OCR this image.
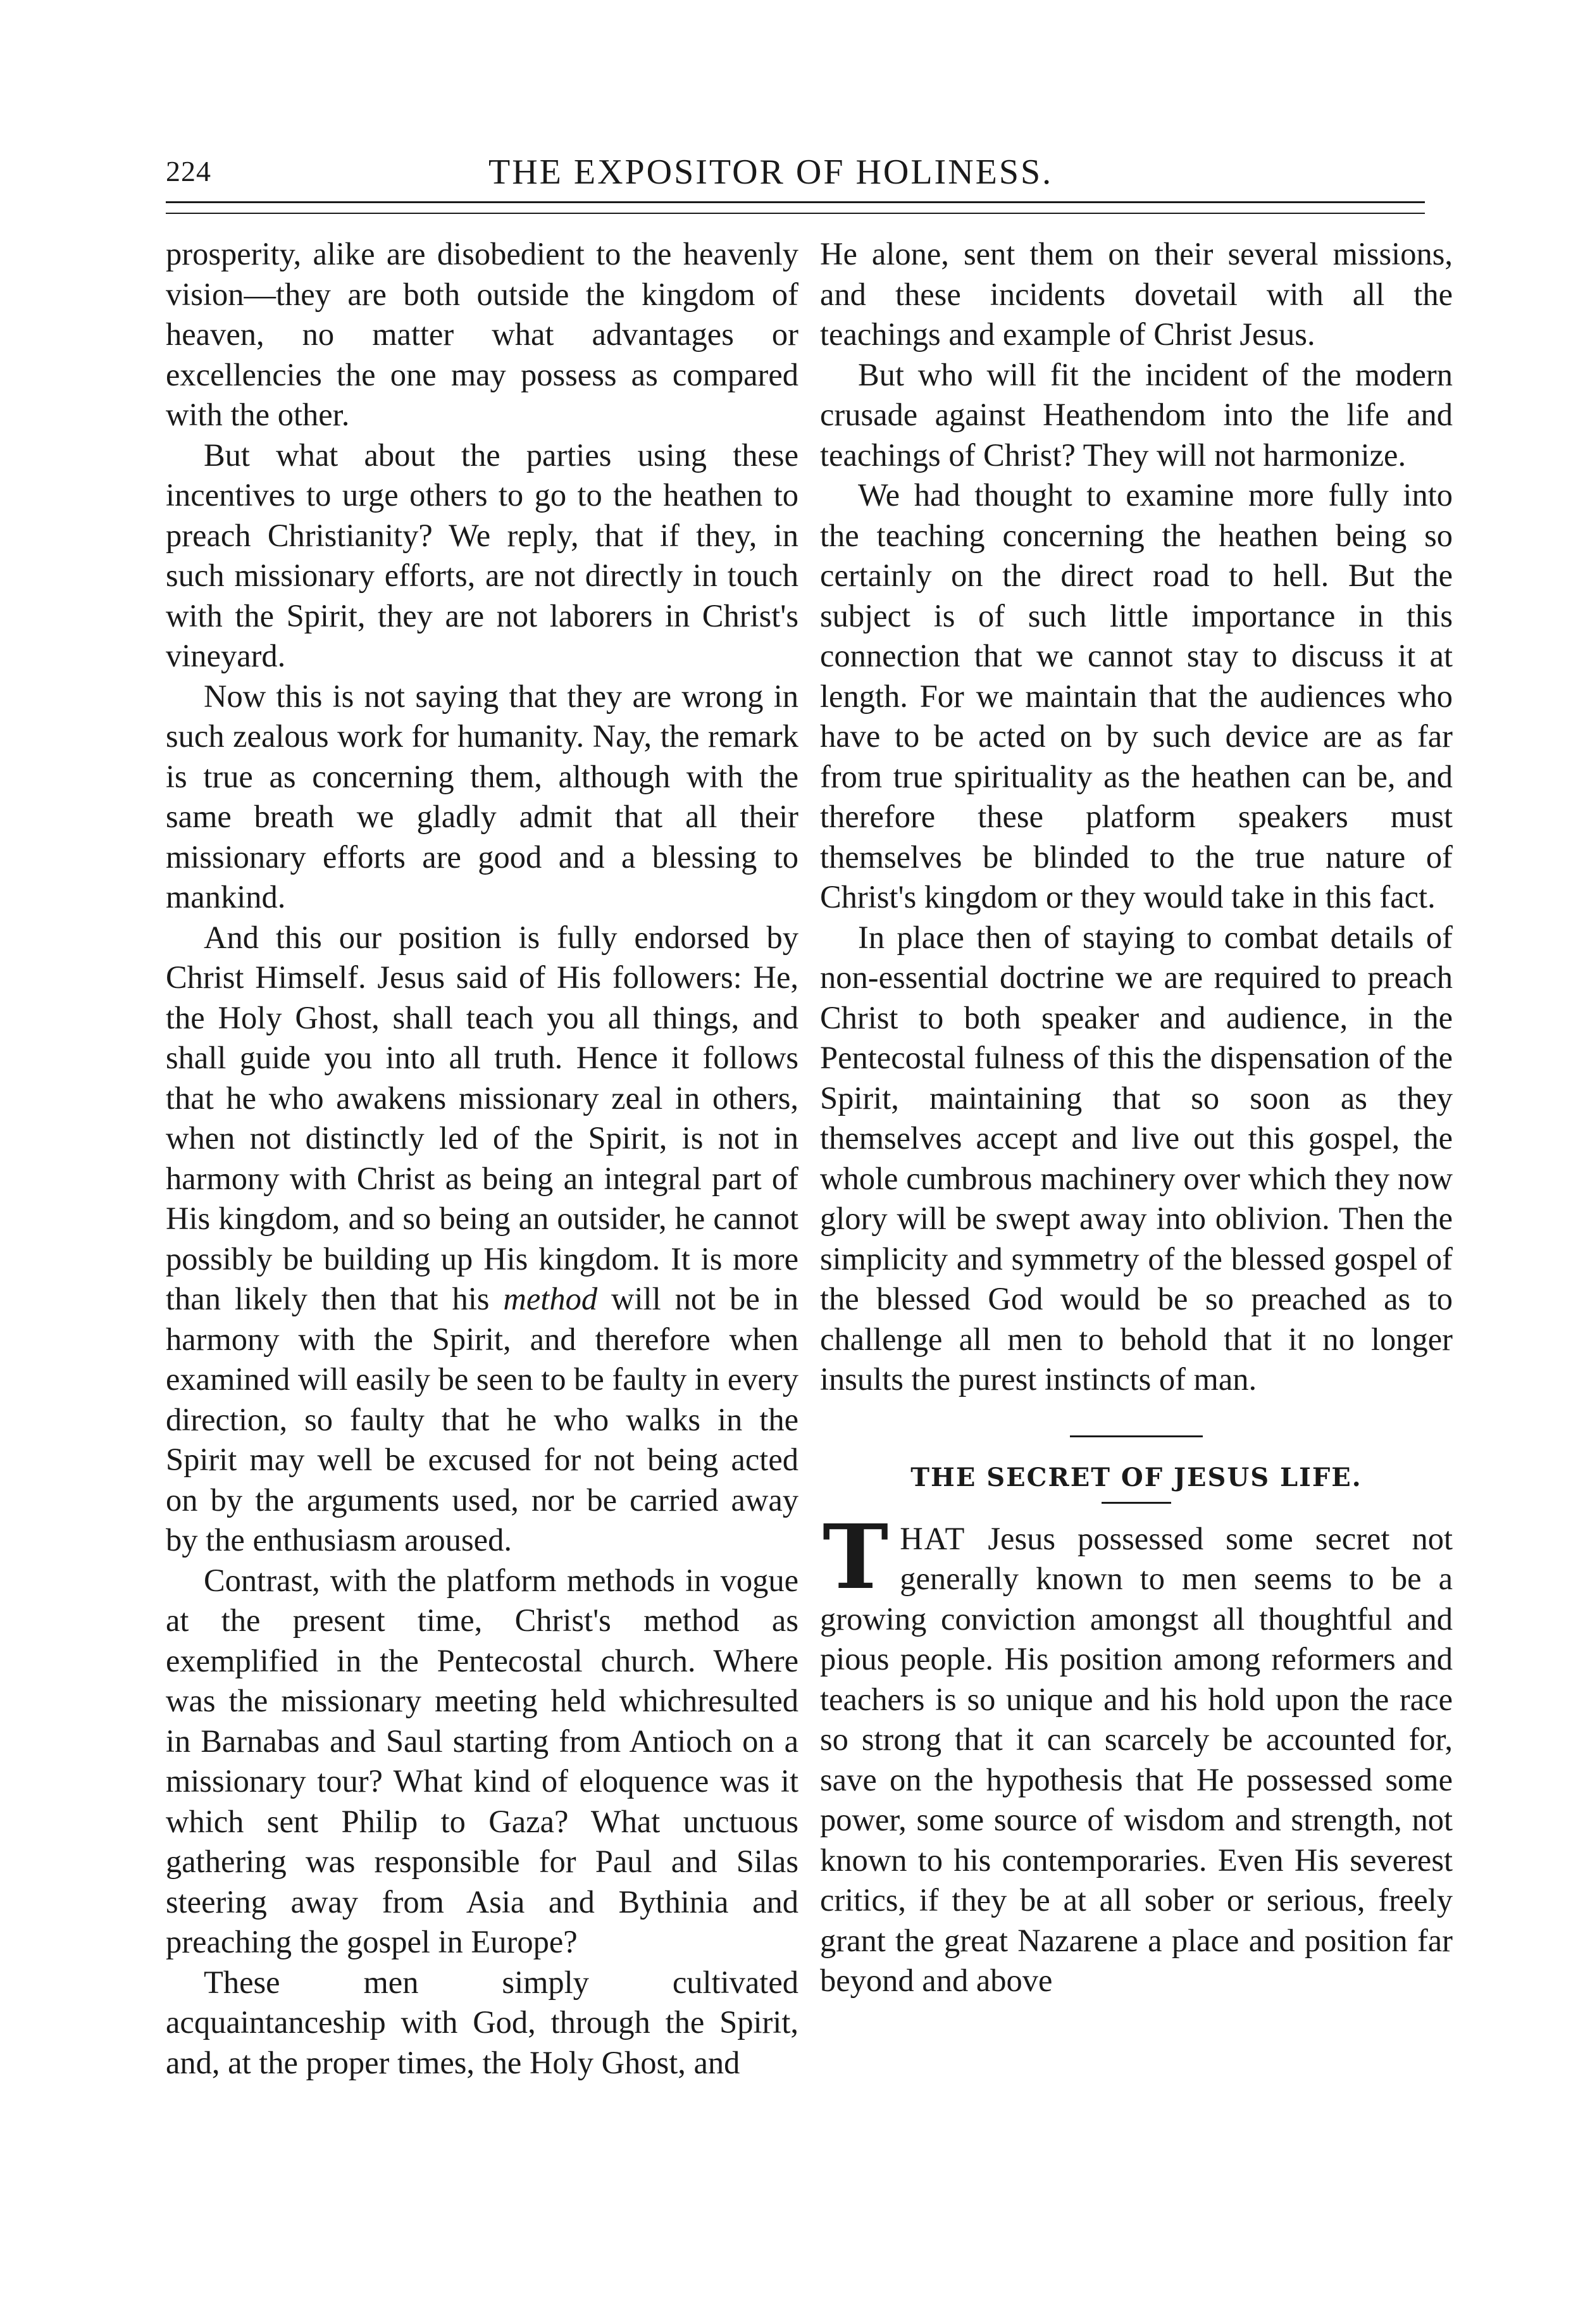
224	THE EXPOSITOR OF HOLINESS.

prosperity, alike are disobedient to the heavenly vision—they are both outside the kingdom of heaven, no matter what advantages or excellencies the one may possess as compared with the other.

But what about the parties using these incentives to urge others to go to the heathen to preach Christianity? We reply, that if they, in such missionary efforts, are not directly in touch with the Spirit, they are not laborers in Christ's vineyard.

Now this is not saying that they are wrong in such zealous work for humanity. Nay, the remark is true as concerning them, although with the same breath we gladly admit that all their missionary efforts are good and a blessing to mankind.

And this our position is fully endorsed by Christ Himself. Jesus said of His followers: He, the Holy Ghost, shall teach you all things, and shall guide you into all truth. Hence it follows that he who awakens missionary zeal in others, when not distinctly led of the Spirit, is not in harmony with Christ as being an integral part of His kingdom, and so being an outsider, he cannot possibly be building up His kingdom. It is more than likely then that his method will not be in harmony with the Spirit, and therefore when examined will easily be seen to be faulty in every direction, so faulty that he who walks in the Spirit may well be excused for not being acted on by the arguments used, nor be carried away by the enthusiasm aroused.

Contrast, with the platform methods in vogue at the present time, Christ's method as exemplified in the Pentecostal church. Where was the missionary meeting held whichresulted in Barnabas and Saul starting from Antioch on a missionary tour? What kind of eloquence was it which sent Philip to Gaza? What unctuous gathering was responsible for Paul and Silas steering away from Asia and Bythinia and preaching the gospel in Europe?

These men simply cultivated acquaintanceship with God, through the Spirit, and, at the proper times, the Holy Ghost, and

He alone, sent them on their several missions, and these incidents dovetail with all the teachings and example of Christ Jesus.

But who will fit the incident of the modern crusade against Heathendom into the life and teachings of Christ? They will not harmonize.

We had thought to examine more fully into the teaching concerning the heathen being so certainly on the direct road to hell. But the subject is of such little importance in this connection that we cannot stay to discuss it at length. For we maintain that the audiences who have to be acted on by such device are as far from true spirituality as the heathen can be, and therefore these platform speakers must themselves be blinded to the true nature of Christ's kingdom or they would take in this fact.

In place then of staying to combat details of non-essential doctrine we are required to preach Christ to both speaker and audience, in the Pentecostal fulness of this the dispensation of the Spirit, maintaining that so soon as they themselves accept and live out this gospel, the whole cumbrous machinery over which they now glory will be swept away into oblivion. Then the simplicity and symmetry of the blessed gospel of the blessed God would be so preached as to challenge all men to behold that it no longer insults the purest instincts of man.

THE SECRET OF JESUS LIFE.

THAT Jesus possessed some secret not generally known to men seems to be a growing conviction amongst all thoughtful and pious people. His position among reformers and teachers is so unique and his hold upon the race so strong that it can scarcely be accounted for, save on the hypothesis that He possessed some power, some source of wisdom and strength, not known to his contemporaries. Even His severest critics, if they be at all sober or serious, freely grant the great Nazarene a place and position far beyond and above
